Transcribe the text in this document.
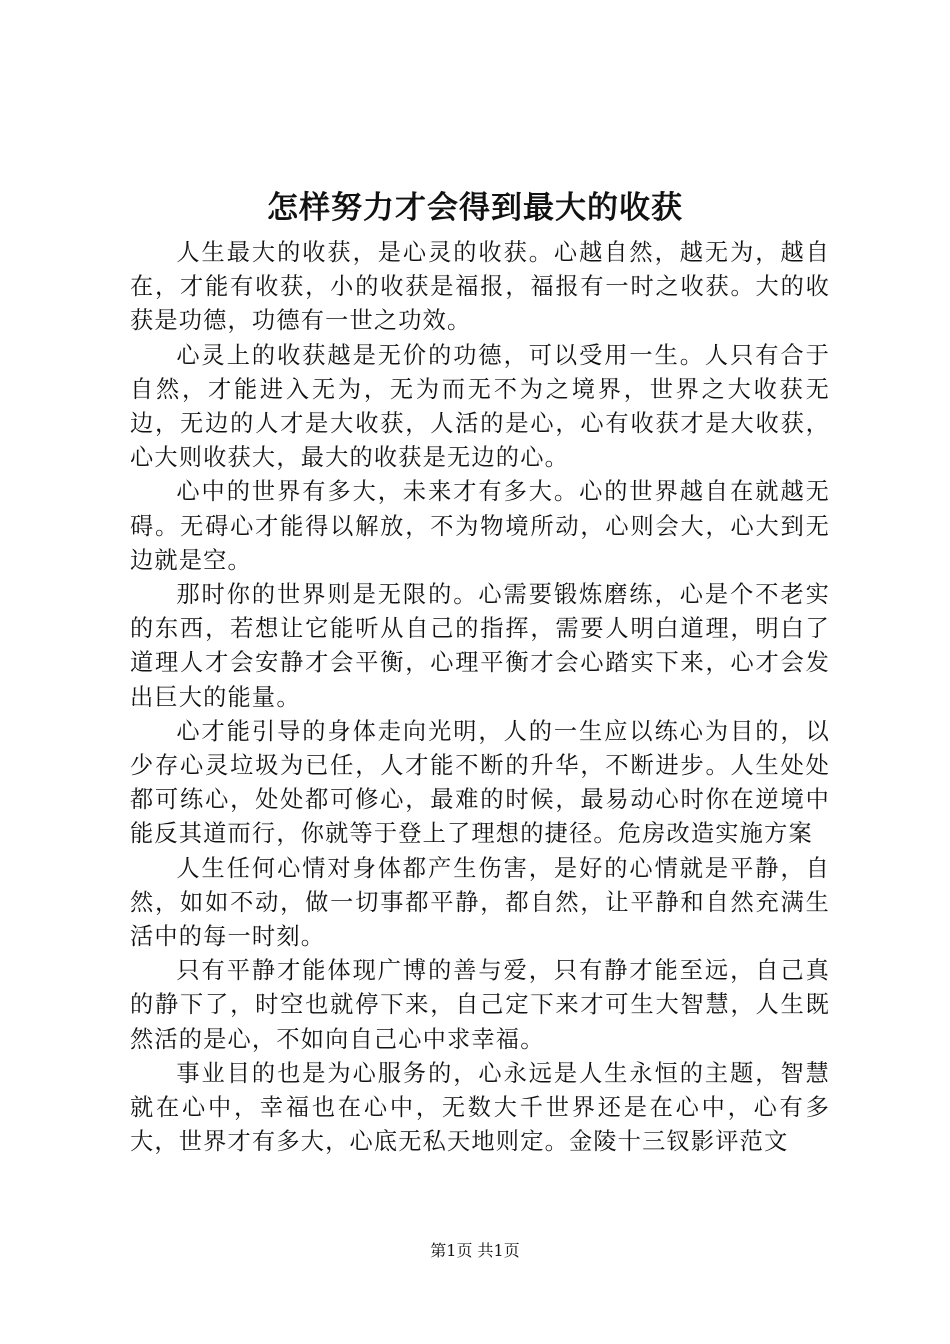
怎样努力才会得到最大的收获

人生最大的收获，是心灵的收获。心越自然，越无为，越自在，才能有收获，小的收获是福报，福报有一时之收获。大的收获是功德，功德有一世之功效。

心灵上的收获越是无价的功德，可以受用一生。人只有合于自然，才能进入无为，无为而无不为之境界，世界之大收获无边，无边的人才是大收获，人活的是心，心有收获才是大收获，心大则收获大，最大的收获是无边的心。

心中的世界有多大，未来才有多大。心的世界越自在就越无碍。无碍心才能得以解放，不为物境所动，心则会大，心大到无边就是空。

那时你的世界则是无限的。心需要锻炼磨练，心是个不老实的东西，若想让它能听从自己的指挥，需要人明白道理，明白了道理人才会安静才会平衡，心理平衡才会心踏实下来，心才会发出巨大的能量。

心才能引导的身体走向光明，人的一生应以练心为目的，以少存心灵垃圾为已任，人才能不断的升华，不断进步。人生处处都可练心，处处都可修心，最难的时候，最易动心时你在逆境中能反其道而行，你就等于登上了理想的捷径。危房改造实施方案

人生任何心情对身体都产生伤害，是好的心情就是平静，自然，如如不动，做一切事都平静，都自然，让平静和自然充满生活中的每一时刻。

只有平静才能体现广博的善与爱，只有静才能至远，自己真的静下了，时空也就停下来，自己定下来才可生大智慧，人生既然活的是心，不如向自己心中求幸福。

事业目的也是为心服务的，心永远是人生永恒的主题，智慧就在心中，幸福也在心中，无数大千世界还是在心中，心有多大，世界才有多大，心底无私天地则定。金陵十三钗影评范文

第1页 共1页
